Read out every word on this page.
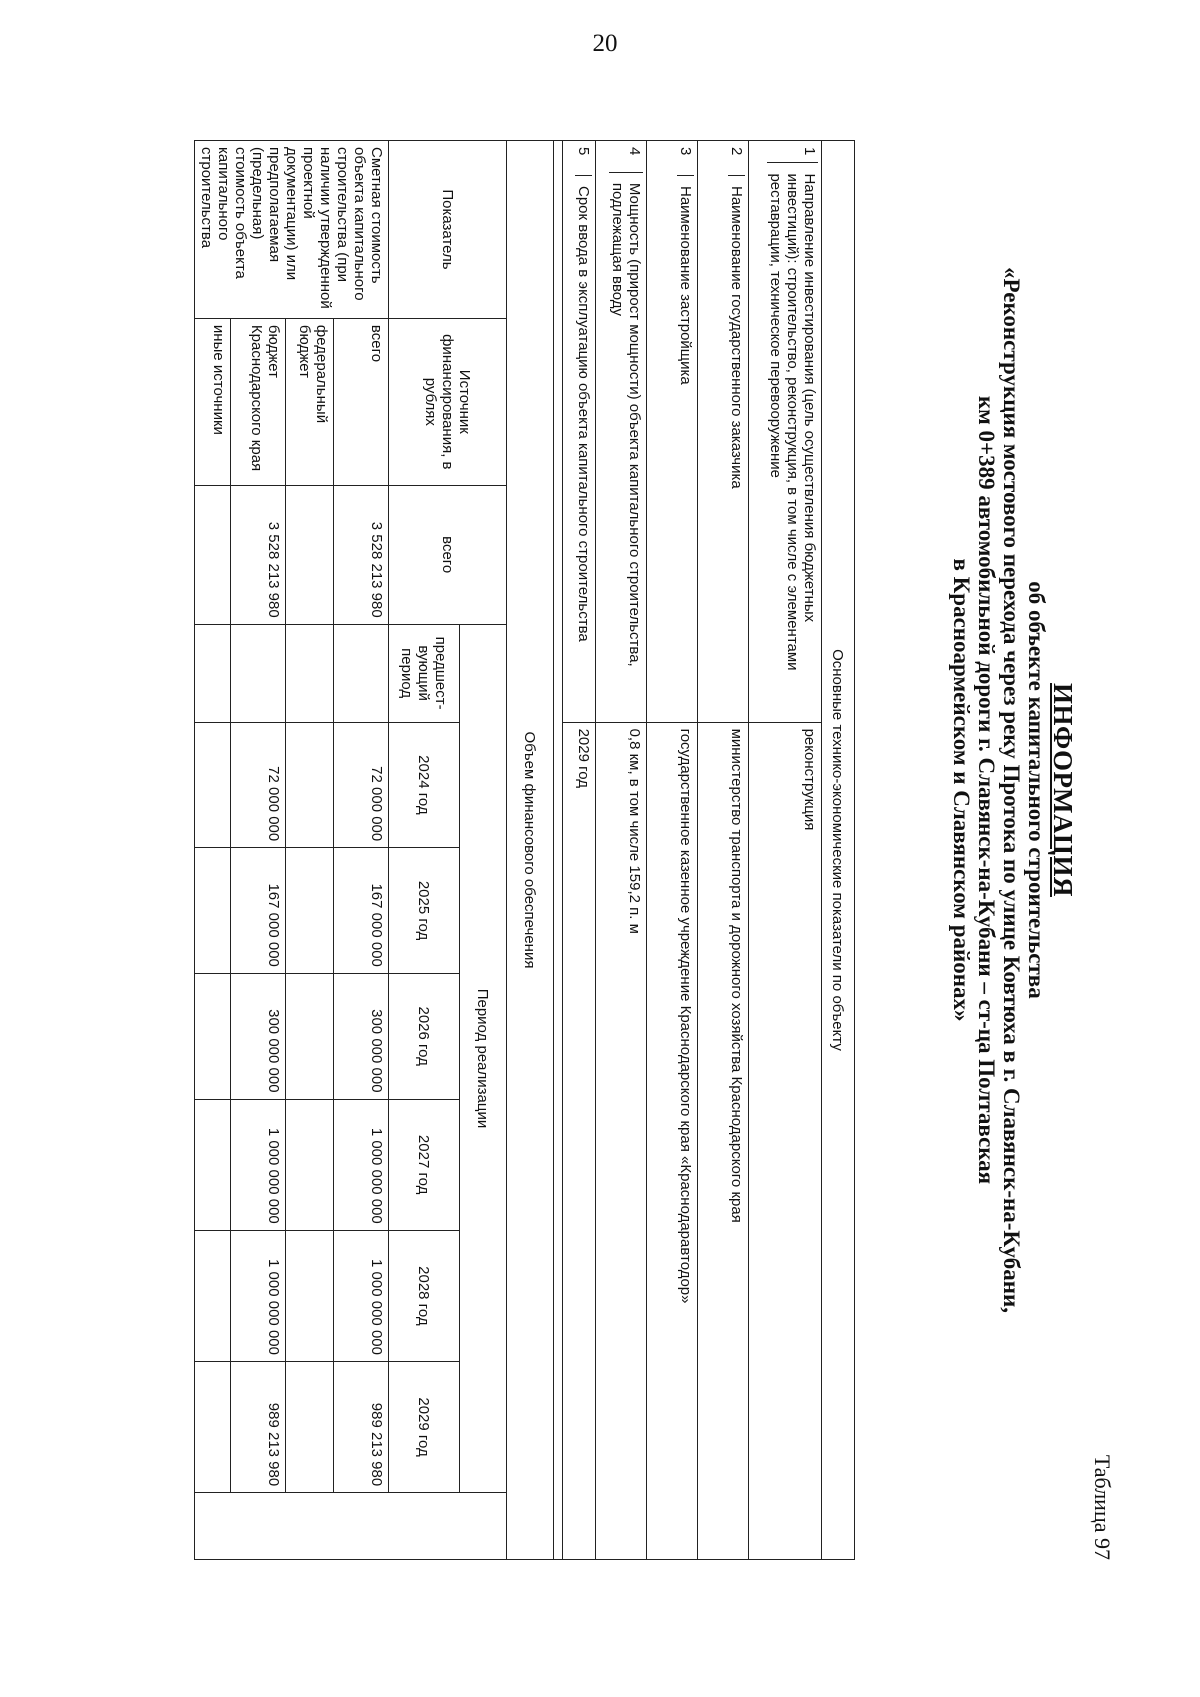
20
Таблица 97
ИНФОРМАЦИЯ
об объекте капитального строительства
«Реконструкция мостового перехода через реку Протока по улице Ковтюха в г. Славянск-на-Кубани,
км 0+389 автомобильной дороги г. Славянск-на-Кубани – ст-ца Полтавская
в Красноармейском и Славянском районах»
Основные технико-экономические показатели по объекту										

1
Направление инвестирования (цель осуществления бюджетных инвестиций): строительство, реконструкция, в том числе с элементами реставрации, техническое перевооружение				реконструкция						

2
Наименование государственного заказчика				министерство транспорта и дорожного хозяйства Краснодарского края						

3
Наименование застройщика				государственное казенное учреждение Краснодарского края «Краснодаравтодор»						

4
Мощность (прирост мощности) объекта капитального строительства, подлежащая вводу				0,8 км, в том числе 159,2 п. м						

5
Срок ввода в эксплуатацию объекта капитального строительства				2029 год						

Объем финансового обеспечения										
Показатель	Источник финансирования, в рублях	всего	Период реализации							
			предшест-вующий период	2024 год	2025 год	2026 год	2027 год	2028 год	2029 год	
Сметная стоимость объекта капитального строительства (при наличии утвержденной проектной документации) или предполагаемая (предельная) стоимость объекта капитального строительства	всего	3 528 213 980		72 000 000	167 000 000	300 000 000	1 000 000 000	1 000 000 000	989 213 980	
	федеральный бюджет									
	бюджет Краснодарского края	3 528 213 980		72 000 000	167 000 000	300 000 000	1 000 000 000	1 000 000 000	989 213 980	
	иные источники									
